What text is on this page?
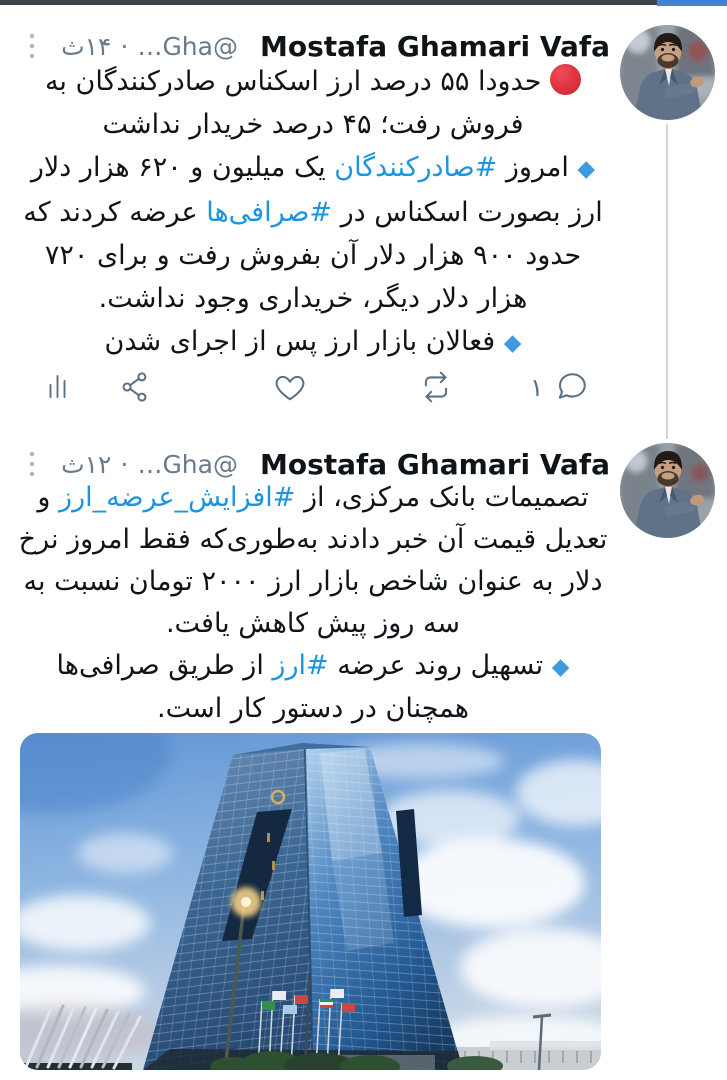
Mostafa Ghamari Vafa
@Gha…
·
۱۴ث
حدودا ۵۵ درصد ارز اسکناس صادرکنندگان به فروش رفت؛ ۴۵ درصد خریدار نداشت
◆ امروز #صادرکنندگان یک میلیون و ۶۲۰ هزار دلار ارز بصورت اسکناس در #صرافی‌ها عرضه کردند که حدود ۹۰۰ هزار دلار آن بفروش رفت و برای ۷۲۰ هزار دلار دیگر، خریداری وجود نداشت.
◆ فعالان بازار ارز پس از اجرای شدن
۱
Mostafa Ghamari Vafa
@Gha…
·
۱۲ث
تصمیمات بانک مرکزی، از #افزایش_عرضه_ارز و تعدیل قیمت آن خبر دادند به‌طوری‌که فقط امروز نرخ دلار به عنوان شاخص بازار ارز ۲۰۰۰ تومان نسبت به سه روز پیش کاهش یافت.
◆ تسهیل روند عرضه #ارز از طریق صرافی‌ها همچنان در دستور کار است.
